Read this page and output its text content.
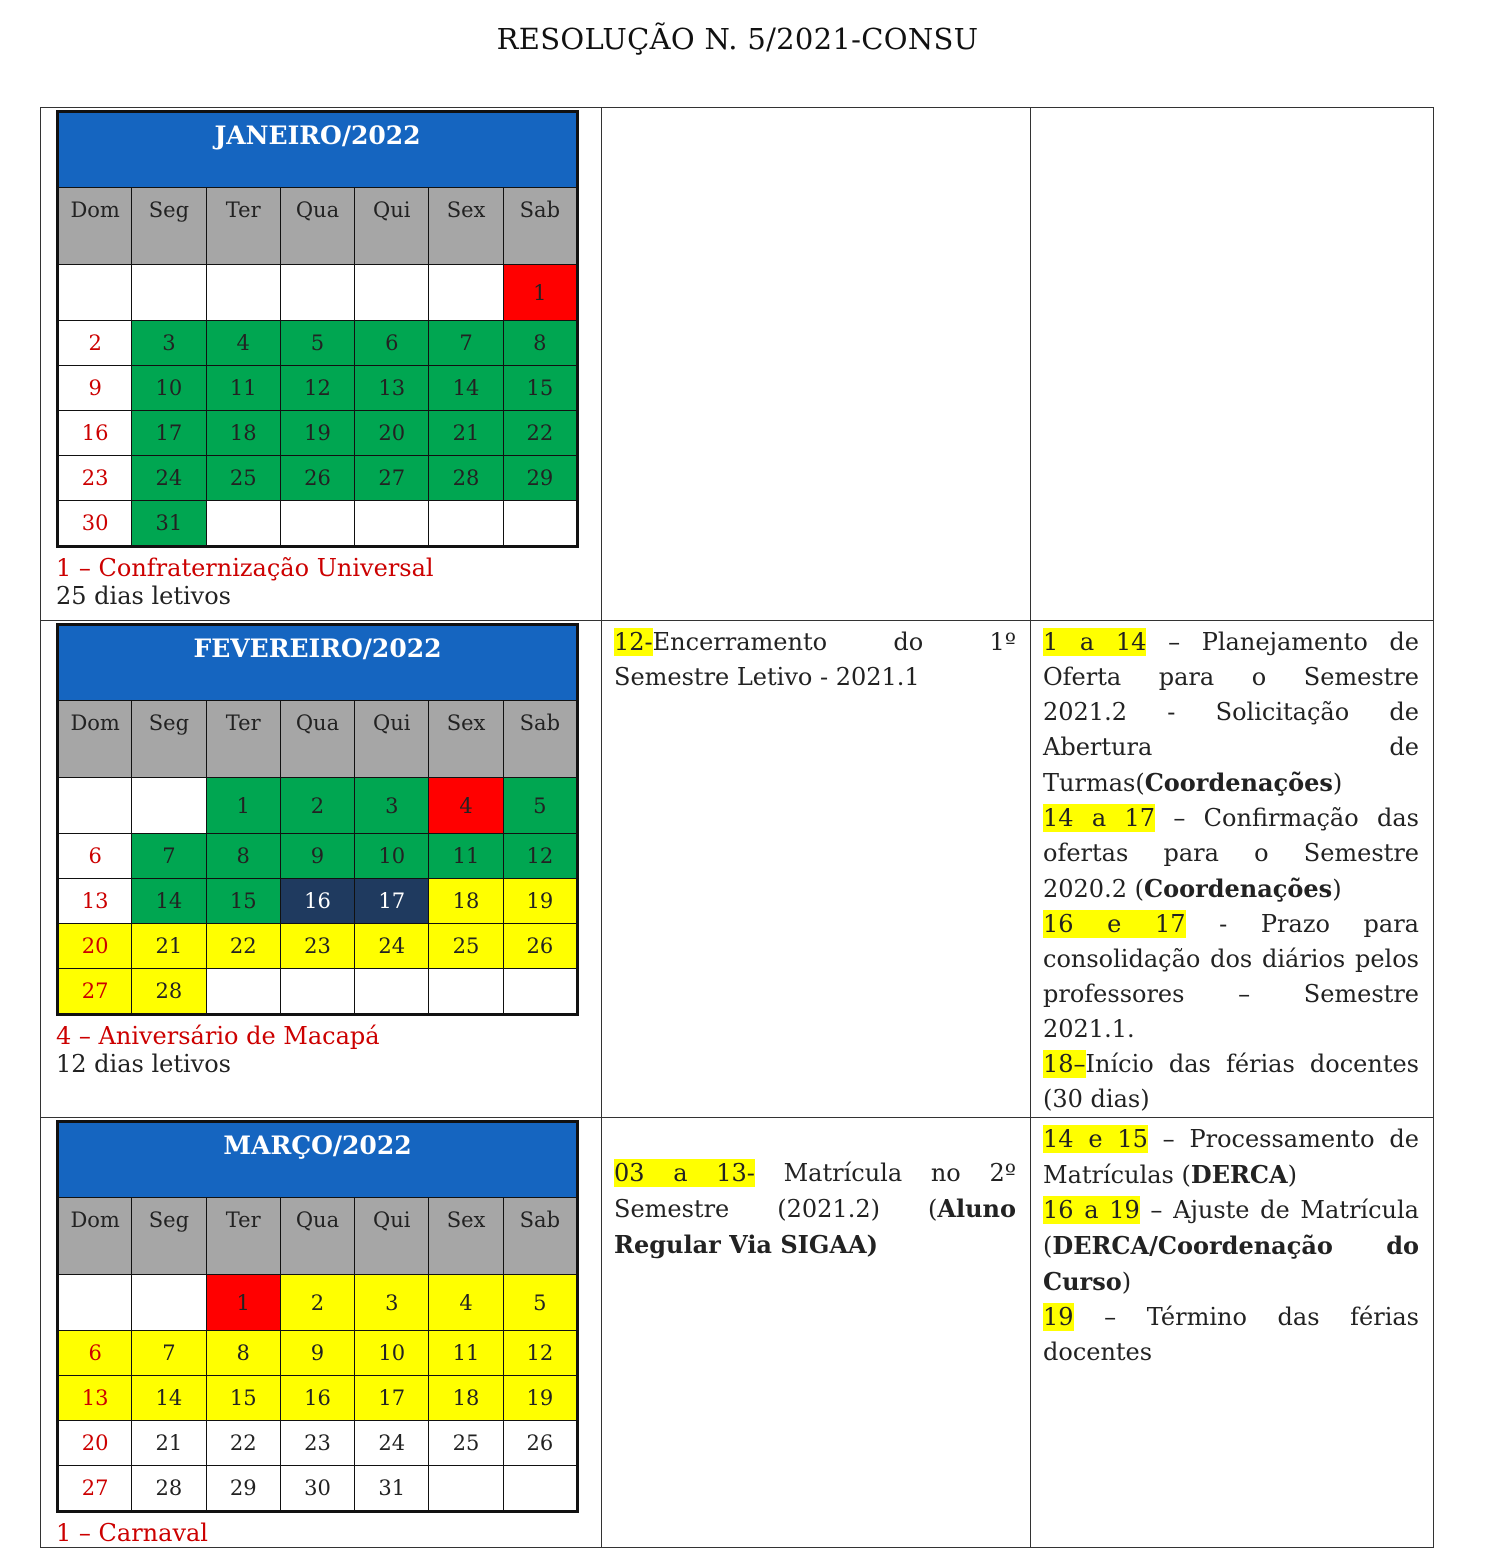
RESOLUÇÃO N. 5/2021-CONSU
JANEIRO/2022
Dom	Seg	Ter	Qua	Qui	Sex	Sab
						1
2	3	4	5	6	7	8
9	10	11	12	13	14	15
16	17	18	19	20	21	22
23	24	25	26	27	28	29
30	31					
1 – Confraternização Universal
25 dias letivos

FEVEREIRO/2022
Dom	Seg	Ter	Qua	Qui	Sex	Sab
		1	2	3	4	5
6	7	8	9	10	11	12
13	14	15	16	17	18	19
20	21	22	23	24	25	26
27	28					
4 – Aniversário de Macapá
12 dias letivos

12-Encerramento do 1º Semestre Letivo - 2021.1

1 a 14 – Planejamento de Oferta para o Semestre 2021.2 - Solicitação de Abertura de Turmas(Coordenações)
14 a 17 – Confirmação das ofertas para o Semestre 2020.2 (Coordenações)
16 e 17 - Prazo para consolidação dos diários pelos professores – Semestre 2021.1.
18–Início das férias docentes (30 dias)

MARÇO/2022
Dom	Seg	Ter	Qua	Qui	Sex	Sab
		1	2	3	4	5
6	7	8	9	10	11	12
13	14	15	16	17	18	19
20	21	22	23	24	25	26
27	28	29	30	31		
1 – Carnaval

03 a 13- Matrícula no 2º Semestre (2021.2) (Aluno Regular Via SIGAA)

14 e 15 – Processamento de Matrículas (DERCA)
16 a 19 – Ajuste de Matrícula (DERCA/Coordenação do Curso)
19 – Término das férias docentes
